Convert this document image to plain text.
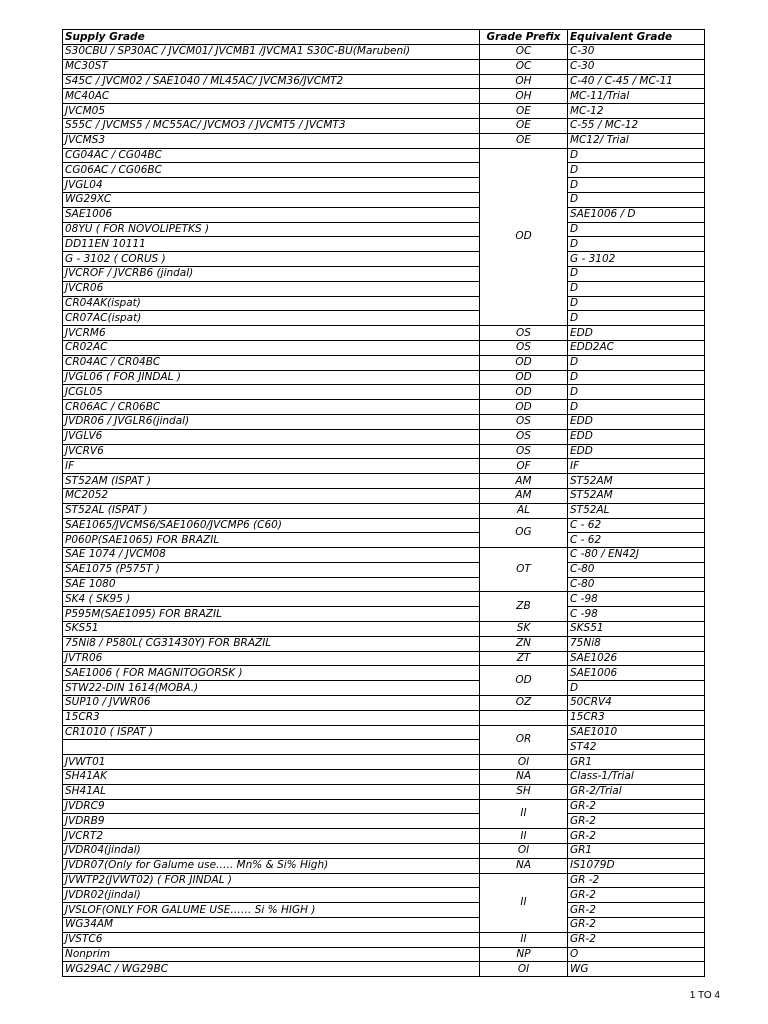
Supply Grade	Grade Prefix	Equivalent Grade
S30CBU / SP30AC / JVCM01/ JVCMB1 /JVCMA1 S30C-BU(Marubeni)	OC	C-30
MC30ST	OC	C-30
S45C / JVCM02 / SAE1040 / ML45AC/ JVCM36/JVCMT2	OH	C-40 / C-45 / MC-11
MC40AC	OH	MC-11/Trial
JVCM05	OE	MC-12
S55C / JVCMS5 / MC55AC/ JVCMO3 / JVCMT5 / JVCMT3	OE	C-55 / MC-12
JVCMS3	OE	MC12/ Trial
CG04AC / CG04BC	OD	D
CG06AC / CG06BC		D
JVGL04		D
WG29XC		D
SAE1006		SAE1006 / D
08YU ( FOR NOVOLIPETKS )		D
DD11EN 10111		D
G - 3102 ( CORUS )		G - 3102
JVCROF / JVCRB6 (jindal)		D
JVCR06		D
CR04AK(ispat)		D
CR07AC(ispat)		D
JVCRM6	OS	EDD
CR02AC	OS	EDD2AC
CR04AC / CR04BC	OD	D
JVGL06 ( FOR JINDAL )	OD	D
JCGL05	OD	D
CR06AC / CR06BC	OD	D
JVDR06 / JVGLR6(jindal)	OS	EDD
JVGLV6	OS	EDD
JVCRV6	OS	EDD
IF	OF	IF
ST52AM (ISPAT )	AM	ST52AM
MC2052	AM	ST52AM
ST52AL (ISPAT )	AL	ST52AL
SAE1065/JVCMS6/SAE1060/JVCMP6 (C60)	OG	C - 62
P060P(SAE1065) FOR BRAZIL		C - 62
SAE 1074 / JVCM08	OT	C -80 / EN42J
SAE1075 (P575T )		C-80
SAE 1080		C-80
SK4 ( SK95 )	ZB	C -98
P595M(SAE1095) FOR BRAZIL		C -98
SKS51	SK	SKS51
75Ni8 / P580L( CG31430Y) FOR BRAZIL	ZN	75Ni8
JVTR06	ZT	SAE1026
SAE1006 ( FOR MAGNITOGORSK )	OD	SAE1006
STW22-DIN 1614(MOBA.)		D
SUP10 / JVWR06	OZ	50CRV4
15CR3		15CR3
CR1010 ( ISPAT )	OR	SAE1010
		ST42
JVWT01	OI	GR1
SH41AK	NA	Class-1/Trial
SH41AL	SH	GR-2/Trial
JVDRC9	II	GR-2
JVDRB9		GR-2
JVCRT2	II	GR-2
JVDR04(jindal)	OI	GR1
JVDR07(Only for Galume use….. Mn% & Si% High)	NA	IS1079D
JVWTP2(JVWT02) ( FOR JINDAL )	II	GR -2
JVDR02(jindal)		GR-2
JVSLOF(ONLY FOR GALUME USE…… Si % HIGH )		GR-2
WG34AM		GR-2
JVSTC6	II	GR-2
Nonprim	NP	O
WG29AC / WG29BC	OI	WG
1 TO 4
